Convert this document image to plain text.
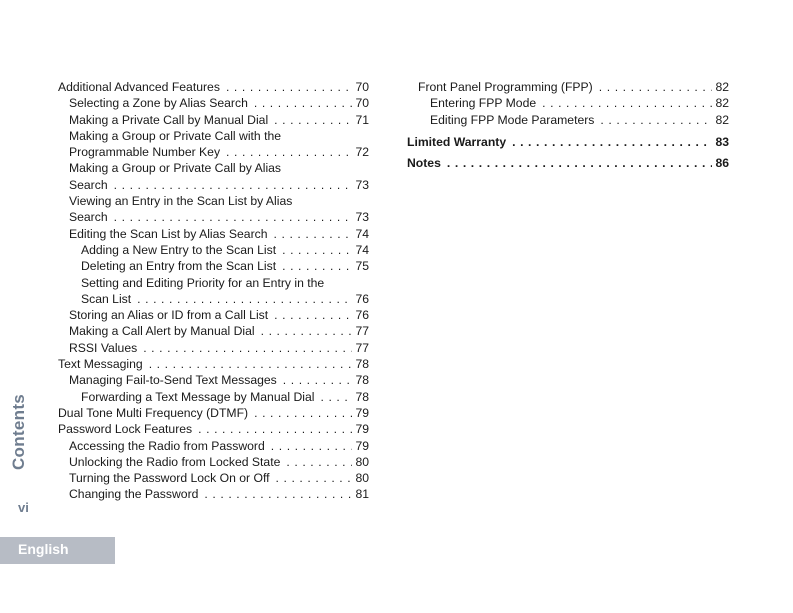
Additional Advanced Features . . .	70
Selecting a Zone by Alias Search . . .	70
Making a Private Call by Manual Dial . . .	71
Making a Group or Private Call with the
Programmable Number Key . . .	72
Making a Group or Private Call by Alias
Search . . .	73
Viewing an Entry in the Scan List by Alias
Search . . .	73
Editing the Scan List by Alias Search . . .	74
Adding a New Entry to the Scan List . . .	74
Deleting an Entry from the Scan List . . .	75
Setting and Editing Priority for an Entry in the
Scan List . . .	76
Storing an Alias or ID from a Call List . . .	76
Making a Call Alert by Manual Dial . . .	77
RSSI Values . . .	77
Text Messaging . . .	78
Managing Fail-to-Send Text Messages . . .	78
Forwarding a Text Message by Manual Dial . . .	78
Dual Tone Multi Frequency (DTMF) . . .	79
Password Lock Features . . .	79
Accessing the Radio from Password . . .	79
Unlocking the Radio from Locked State . . .	80
Turning the Password Lock On or Off . . .	80
Changing the Password . . .	81
Front Panel Programming (FPP) . . .	82
Entering FPP Mode . . .	82
Editing FPP Mode Parameters . . .	82
Limited Warranty . . .	83
Notes . . .	86
Contents
vi
English
